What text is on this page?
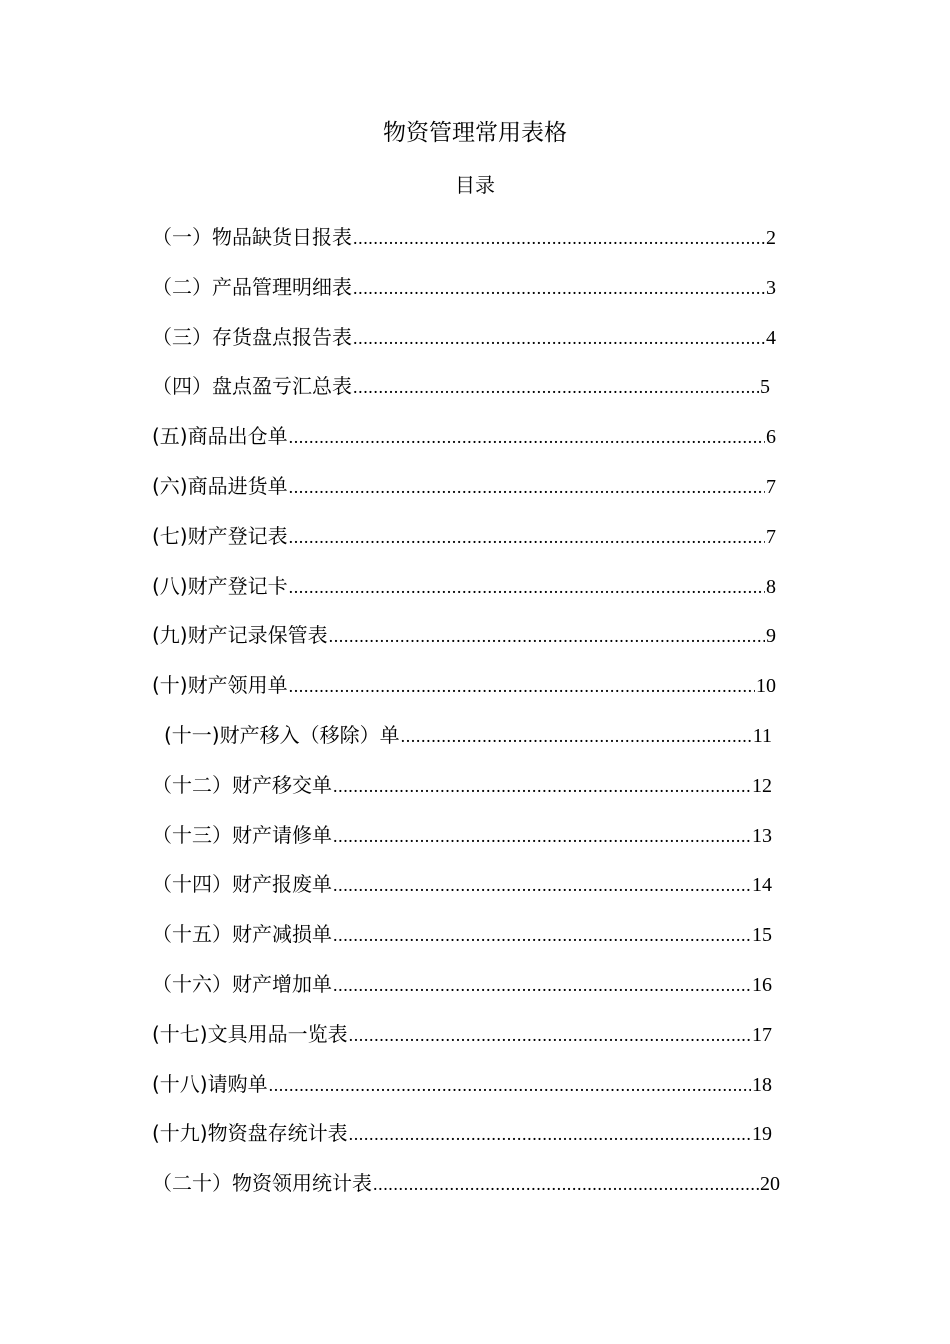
物资管理常用表格
目录
（一）物品缺货日报表 .....	2
（二）产品管理明细表 .....	3
（三）存货盘点报告表 .....	4
（四）盘点盈亏汇总表 .....	5
(五)商品出仓单 .....	6
(六)商品进货单 .....	7
(七)财产登记表 .....	7
(八)财产登记卡 .....	8
(九)财产记录保管表 .....	9
(十)财产领用单 .....	10
(十一)财产移入（移除）单 .....	11
（十二）财产移交单 .....	12
（十三）财产请修单 .....	13
（十四）财产报废单 .....	14
（十五）财产减损单 .....	15
（十六）财产增加单 .....	16
(十七)文具用品一览表 .....	17
(十八)请购单 .....	18
(十九)物资盘存统计表 .....	19
（二十）物资领用统计表 .....	20
